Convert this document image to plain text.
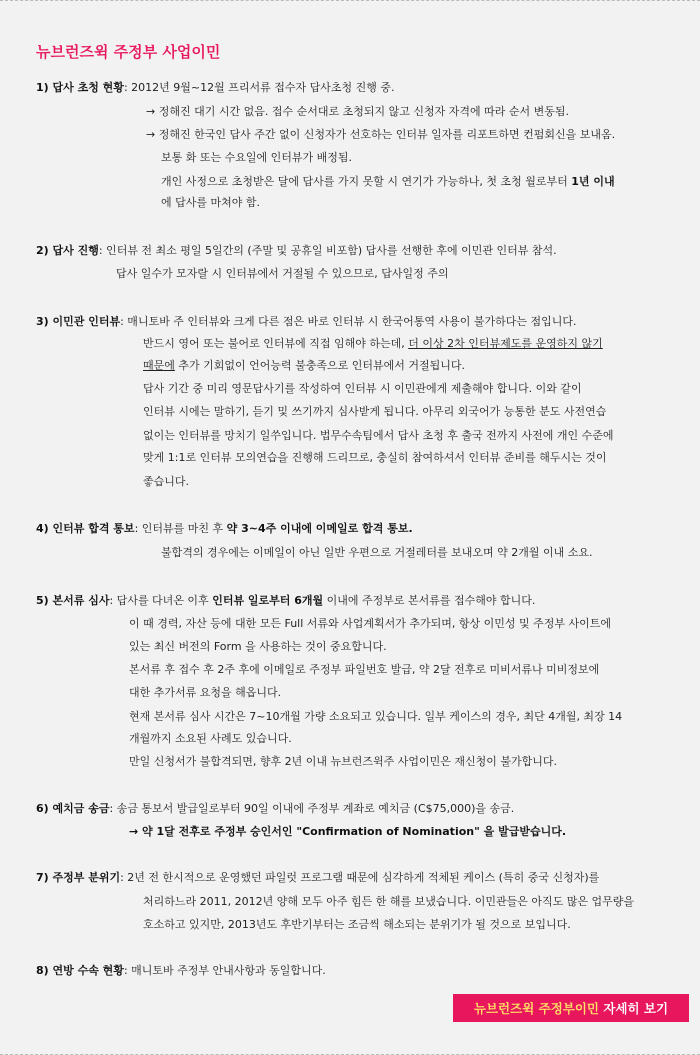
뉴브런즈윅 주정부 사업이민
1) 답사 초청 현황: 2012년 9월~12월 프리서류 접수자 답사초청 진행 중.
→ 정해진 대기 시간 없음. 접수 순서대로 초청되지 않고 신청자 자격에 따라 순서 변동됨.
→ 정해진 한국인 답사 주간 없이 신청자가 선호하는 인터뷰 일자를 리포트하면 컨펌회신을 보내옴.
보통 화 또는 수요일에 인터뷰가 배정됨.
개인 사정으로 초청받은 달에 답사를 가지 못할 시 연기가 가능하나, 첫 초청 월로부터 1년 이내
에 답사를 마쳐야 함.
2) 답사 진행: 인터뷰 전 최소 평일 5일간의 (주말 및 공휴일 비포함) 답사를 선행한 후에 이민관 인터뷰 참석.
답사 일수가 모자랄 시 인터뷰에서 거절될 수 있으므로, 답사일정 주의
3) 이민관 인터뷰: 매니토바 주 인터뷰와 크게 다른 점은 바로 인터뷰 시 한국어통역 사용이 불가하다는 점입니다.
반드시 영어 또는 불어로 인터뷰에 직접 임해야 하는데, 더 이상 2차 인터뷰제도를 운영하지 않기
때문에 추가 기회없이 언어능력 불충족으로 인터뷰에서 거절됩니다.
답사 기간 중 미리 영문답사기를 작성하여 인터뷰 시 이민관에게 제출해야 합니다. 이와 같이
인터뷰 시에는 말하기, 듣기 및 쓰기까지 심사받게 됩니다. 아무리 외국어가 능통한 분도 사전연습
없이는 인터뷰를 망치기 일쑤입니다. 법무수속팀에서 답사 초청 후 출국 전까지 사전에 개인 수준에
맞게 1:1로 인터뷰 모의연습을 진행해 드리므로, 충실히 참여하셔서 인터뷰 준비를 해두시는 것이
좋습니다.
4) 인터뷰 합격 통보: 인터뷰를 마친 후 약 3~4주 이내에 이메일로 합격 통보.
불합격의 경우에는 이메일이 아닌 일반 우편으로 거절레터를 보내오며 약 2개월 이내 소요.
5) 본서류 심사: 답사를 다녀온 이후 인터뷰 일로부터 6개월 이내에 주정부로 본서류를 접수해야 합니다.
이 때 경력, 자산 등에 대한 모든 Full 서류와 사업계획서가 추가되며, 항상 이민성 및 주정부 사이트에
있는 최신 버전의 Form 을 사용하는 것이 중요합니다.
본서류 후 접수 후 2주 후에 이메일로 주정부 파일번호 발급, 약 2달 전후로 미비서류나 미비정보에
대한 추가서류 요청을 해옵니다.
현재 본서류 심사 시간은 7~10개월 가량 소요되고 있습니다. 일부 케이스의 경우, 최단 4개월, 최장 14
개월까지 소요된 사례도 있습니다.
만일 신청서가 불합격되면, 향후 2년 이내 뉴브런즈윅주 사업이민은 재신청이 불가합니다.
6) 예치금 송금: 송금 통보서 발급일로부터 90일 이내에 주정부 계좌로 예치금 (C$75,000)을 송금.
→ 약 1달 전후로 주정부 승인서인 "Confirmation of Nomination" 을 발급받습니다.
7) 주정부 분위기: 2년 전 한시적으로 운영했던 파일럿 프로그램 때문에 심각하게 적체된 케이스 (특히 중국 신청자)를
처리하느라 2011, 2012년 양해 모두 아주 힘든 한 해를 보냈습니다. 이민관들은 아직도 많은 업무량을
호소하고 있지만, 2013년도 후반기부터는 조금씩 해소되는 분위기가 될 것으로 보입니다.
8) 연방 수속 현황: 매니토바 주정부 안내사항과 동일합니다.
뉴브런즈윅 주정부이민 자세히 보기
